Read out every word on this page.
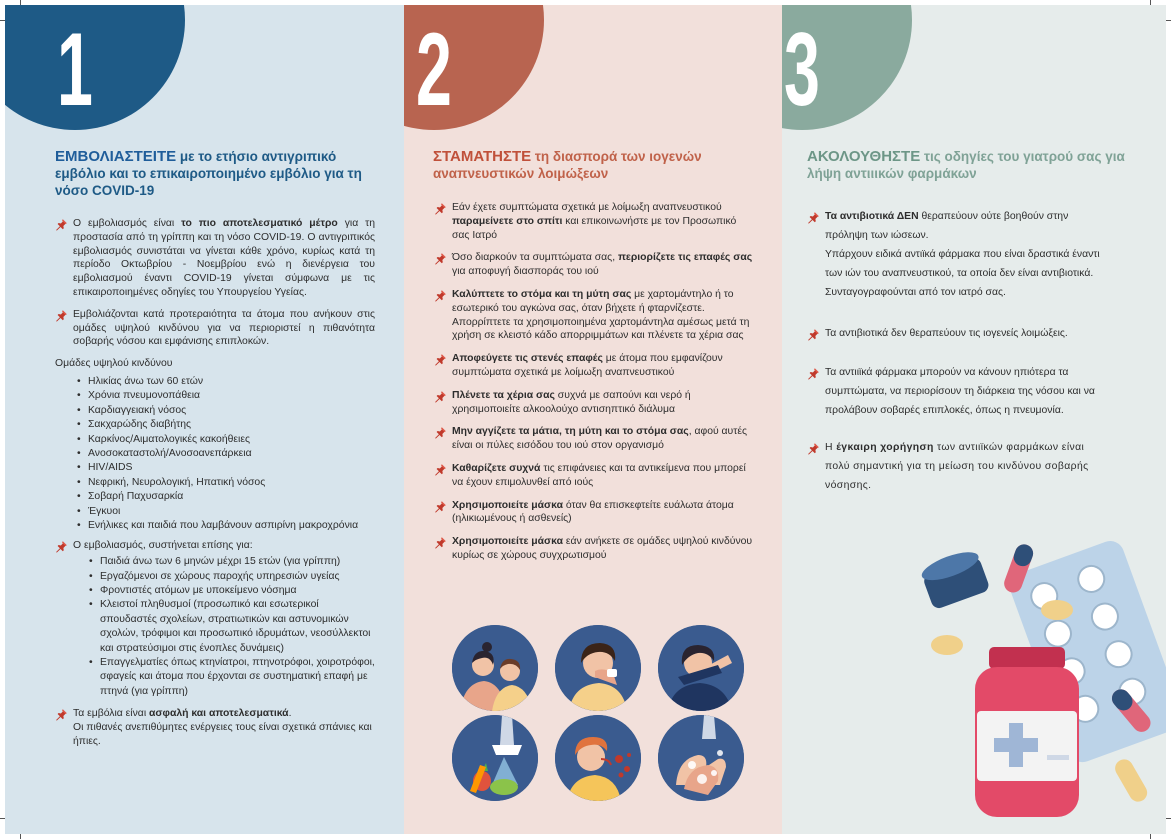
1
ΕΜΒΟΛΙΑΣΤΕΙΤΕ με το ετήσιο αντιγριπικό εμβόλιο και το επικαιροποιημένο εμβόλιο για τη νόσο COVID-19
Ο εμβολιασμός είναι το πιο αποτελεσματικό μέτρο για τη προστασία από τη γρίππη και τη νόσο COVID-19. Ο αντιγριπικός εμβολιασμός συνιστάται να γίνεται κάθε χρόνο, κυρίως κατά τη περίοδο Οκτωβρίου - Νοεμβρίου ενώ η διενέργεια του εμβολιασμού έναντι COVID-19 γίνεται σύμφωνα με τις επικαιροποιημένες οδηγίες του Υπουργείου Υγείας.
Εμβολιάζονται κατά προτεραιότητα τα άτομα που ανήκουν στις ομάδες υψηλού κινδύνου για να περιοριστεί η πιθανότητα σοβαρής νόσου και εμφάνισης επιπλοκών.

Ομάδες υψηλού κινδύνου

• Ηλικίας άνω των 60 ετών
• Χρόνια πνευμονοπάθεια
• Καρδιαγγειακή νόσος
• Σακχαρώδης διαβήτης
• Καρκίνος/Αιματολογικές κακοήθειες
• Ανοσοκαταστολή/Ανοσοανεπάρκεια
• HIV/AIDS
• Νεφρική, Νευρολογική, Ηπατική νόσος
• Σοβαρή Παχυσαρκία
• Έγκυοι
• Ενήλικες και παιδιά που λαμβάνουν ασπιρίνη μακροχρόνια
Ο εμβολιασμός, συστήνεται επίσης για:
• Παιδιά άνω των 6 μηνών μέχρι 15 ετών (για γρίππη)
• Εργαζόμενοι σε χώρους παροχής υπηρεσιών υγείας
• Φροντιστές ατόμων με υποκείμενο νόσημα
• Κλειστοί πληθυσμοί (προσωπικό και εσωτερικοί σπουδαστές σχολείων, στρατιωτικών και αστυνομικών σχολών, τρόφιμοι και προσωπικό ιδρυμάτων, νεοσύλλεκτοι και στρατεύσιμοι στις ένοπλες δυνάμεις)
• Επαγγελματίες όπως κτηνίατροι, πτηνοτρόφοι, χοιροτρόφοι, σφαγείς και άτομα που έρχονται σε συστηματική επαφή με πτηνά (για γρίππη)
Τα εμβόλια είναι ασφαλή και αποτελεσματικά.
Οι πιθανές ανεπιθύμητες ενέργειες τους είναι σχετικά σπάνιες και ήπιες.
2
ΣΤΑΜΑΤΗΣΤΕ τη διασπορά των ιογενών αναπνευστικών λοιμώξεων
Εάν έχετε συμπτώματα σχετικά με λοίμωξη αναπνευστικού παραμείνετε στο σπίτι και επικοινωνήστε με τον Προσωπικό σας Ιατρό
Όσο διαρκούν τα συμπτώματα σας, περιορίζετε τις επαφές σας για αποφυγή διασποράς του ιού
Καλύπτετε το στόμα και τη μύτη σας με χαρτομάντηλο ή το εσωτερικό του αγκώνα σας, όταν βήχετε ή φταρνίζεστε. Απορρίπτετε τα χρησιμοποιημένα χαρτομάντηλα αμέσως μετά τη χρήση σε κλειστό κάδο απορριμμάτων και πλένετε τα χέρια σας
Αποφεύγετε τις στενές επαφές με άτομα που εμφανίζουν συμπτώματα σχετικά με λοίμωξη αναπνευστικού
Πλένετε τα χέρια σας συχνά με σαπούνι και νερό ή χρησιμοποιείτε αλκοολούχο αντισηπτικό διάλυμα
Μην αγγίζετε τα μάτια, τη μύτη και το στόμα σας, αφού αυτές είναι οι πύλες εισόδου του ιού στον οργανισμό
Καθαρίζετε συχνά τις επιφάνειες και τα αντικείμενα που μπορεί να έχουν επιμολυνθεί από ιούς
Χρησιμοποιείτε μάσκα όταν θα επισκεφτείτε ευάλωτα άτομα (ηλικιωμένους ή ασθενείς)
Χρησιμοποιείτε μάσκα εάν ανήκετε σε ομάδες υψηλού κινδύνου κυρίως σε χώρους συγχρωτισμού
3
ΑΚΟΛΟΥΘΗΣΤΕ τις οδηγίες του γιατρού σας για λήψη αντιιικών φαρμάκων
Τα αντιβιοτικά ΔΕΝ θεραπεύουν ούτε βοηθούν στην πρόληψη των ιώσεων.
Υπάρχουν ειδικά αντιϊκά φάρμακα που είναι δραστικά έναντι των ιών του αναπνευστικού, τα οποία δεν είναι αντιβιοτικά.
Συνταγογραφούνται από τον ιατρό σας.
Τα αντιβιοτικά δεν θεραπεύουν τις ιογενείς λοιμώξεις.
Τα αντιιϊκά φάρμακα μπορούν να κάνουν ηπιότερα τα συμπτώματα, να περιορίσουν τη διάρκεια της νόσου και να προλάβουν σοβαρές επιπλοκές, όπως η πνευμονία.
Η έγκαιρη χορήγηση των αντιιϊκών φαρμάκων είναι πολύ σημαντική για τη μείωση του κινδύνου σοβαρής νόσησης.
